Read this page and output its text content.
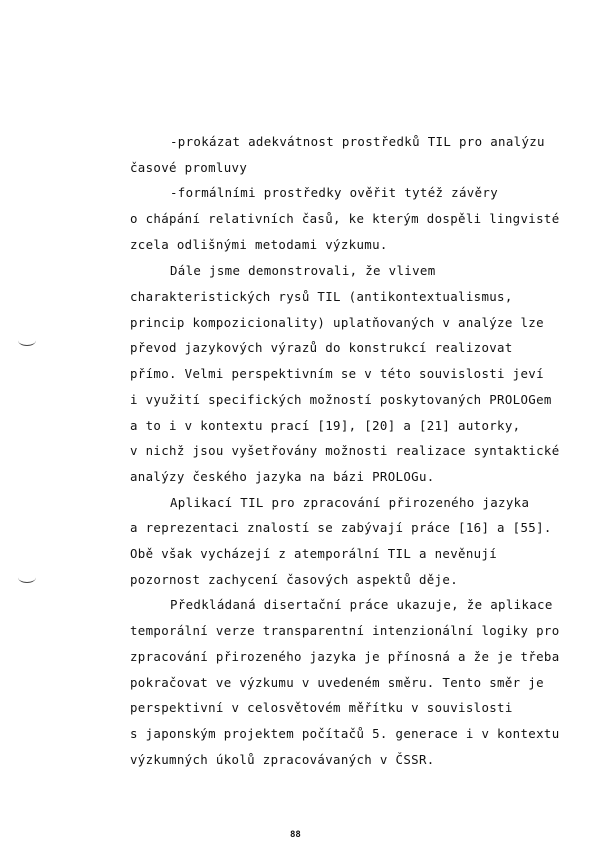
-prokázat adekvátnost prostředků TIL pro analýzu
časové promluvy
-formálními prostředky ověřit tytéž závěry
o chápání relativních časů, ke kterým dospěli lingvisté
zcela odlišnými metodami výzkumu.
Dále jsme demonstrovali, že vlivem
charakteristických rysů TIL (antikontextualismus,
princip kompozicionality) uplatňovaných v analýze lze
převod jazykových výrazů do konstrukcí realizovat
přímo. Velmi perspektivním se v této souvislosti jeví
i využití specifických možností poskytovaných PROLOGem
a to i v kontextu prací [19], [20] a [21] autorky,
v nichž jsou vyšetřovány možnosti realizace syntaktické
analýzy českého jazyka na bázi PROLOGu.
Aplikací TIL pro zpracování přirozeného jazyka
a reprezentaci znalostí se zabývají práce [16] a [55].
Obě však vycházejí z atemporální TIL a nevěnují
pozornost zachycení časových aspektů děje.
Předkládaná disertační práce ukazuje, že aplikace
temporální verze transparentní intenzionální logiky pro
zpracování přirozeného jazyka je přínosná a že je třeba
pokračovat ve výzkumu v uvedeném směru. Tento směr je
perspektivní v celosvětovém měřítku v souvislosti
s japonským projektem počítačů 5. generace i v kontextu
výzkumných úkolů zpracovávaných v ČSSR.
88
